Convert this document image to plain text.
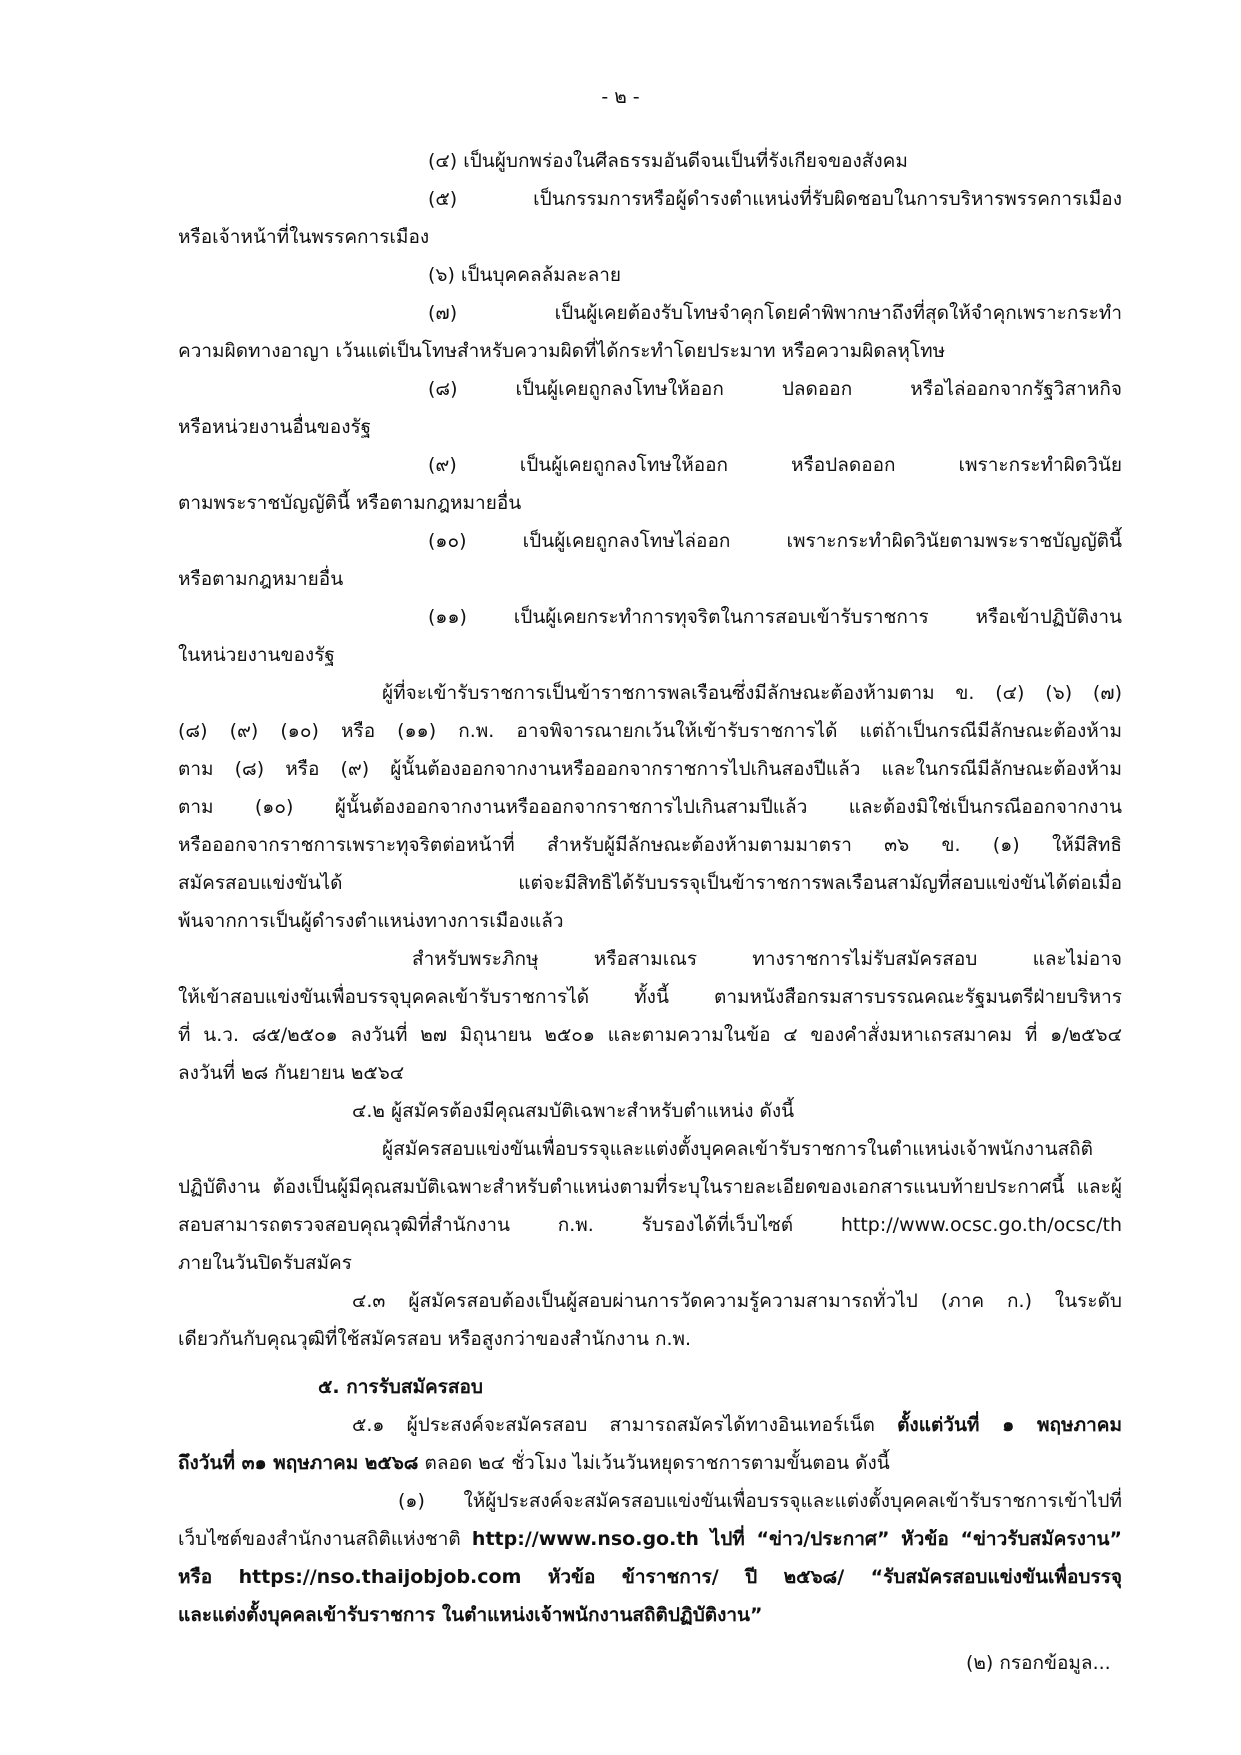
- ๒ -
(๔) เป็นผู้บกพร่องในศีลธรรมอันดีจนเป็นที่รังเกียจของสังคม
(๕) เป็นกรรมการหรือผู้ดำรงตำแหน่งที่รับผิดชอบในการบริหารพรรคการเมือง
หรือเจ้าหน้าที่ในพรรคการเมือง
(๖) เป็นบุคคลล้มละลาย
(๗) เป็นผู้เคยต้องรับโทษจำคุกโดยคำพิพากษาถึงที่สุดให้จำคุกเพราะกระทำ
ความผิดทางอาญา เว้นแต่เป็นโทษสำหรับความผิดที่ได้กระทำโดยประมาท หรือความผิดลหุโทษ
(๘) เป็นผู้เคยถูกลงโทษให้ออก ปลดออก หรือไล่ออกจากรัฐวิสาหกิจ
หรือหน่วยงานอื่นของรัฐ
(๙) เป็นผู้เคยถูกลงโทษให้ออก หรือปลดออก เพราะกระทำผิดวินัย
ตามพระราชบัญญัตินี้ หรือตามกฎหมายอื่น
(๑๐) เป็นผู้เคยถูกลงโทษไล่ออก เพราะกระทำผิดวินัยตามพระราชบัญญัตินี้
หรือตามกฎหมายอื่น
(๑๑) เป็นผู้เคยกระทำการทุจริตในการสอบเข้ารับราชการ หรือเข้าปฏิบัติงาน
ในหน่วยงานของรัฐ
ผู้ที่จะเข้ารับราชการเป็นข้าราชการพลเรือนซึ่งมีลักษณะต้องห้ามตาม ข. (๔) (๖) (๗)
(๘) (๙) (๑๐) หรือ (๑๑) ก.พ. อาจพิจารณายกเว้นให้เข้ารับราชการได้ แต่ถ้าเป็นกรณีมีลักษณะต้องห้าม
ตาม (๘) หรือ (๙) ผู้นั้นต้องออกจากงานหรือออกจากราชการไปเกินสองปีแล้ว และในกรณีมีลักษณะต้องห้าม
ตาม (๑๐) ผู้นั้นต้องออกจากงานหรือออกจากราชการไปเกินสามปีแล้ว และต้องมิใช่เป็นกรณีออกจากงาน
หรือออกจากราชการเพราะทุจริตต่อหน้าที่ สำหรับผู้มีลักษณะต้องห้ามตามมาตรา ๓๖ ข. (๑) ให้มีสิทธิ
สมัครสอบแข่งขันได้ แต่จะมีสิทธิได้รับบรรจุเป็นข้าราชการพลเรือนสามัญที่สอบแข่งขันได้ต่อเมื่อ
พ้นจากการเป็นผู้ดำรงตำแหน่งทางการเมืองแล้ว
สำหรับพระภิกษุ หรือสามเณร ทางราชการไม่รับสมัครสอบ และไม่อาจ
ให้เข้าสอบแข่งขันเพื่อบรรจุบุคคลเข้ารับราชการได้ ทั้งนี้ ตามหนังสือกรมสารบรรณคณะรัฐมนตรีฝ่ายบริหาร
ที่ น.ว. ๘๕/๒๕๐๑ ลงวันที่ ๒๗ มิถุนายน ๒๕๐๑ และตามความในข้อ ๔ ของคำสั่งมหาเถรสมาคม ที่ ๑/๒๕๖๔
ลงวันที่ ๒๘ กันยายน ๒๕๖๔
๔.๒ ผู้สมัครต้องมีคุณสมบัติเฉพาะสำหรับตำแหน่ง ดังนี้
ผู้สมัครสอบแข่งขันเพื่อบรรจุและแต่งตั้งบุคคลเข้ารับราชการในตำแหน่งเจ้าพนักงานสถิติ
ปฏิบัติงาน ต้องเป็นผู้มีคุณสมบัติเฉพาะสำหรับตำแหน่งตามที่ระบุในรายละเอียดของเอกสารแนบท้ายประกาศนี้ และผู้
สอบสามารถตรวจสอบคุณวุฒิที่สำนักงาน ก.พ. รับรองได้ที่เว็บไซต์ http://www.ocsc.go.th/ocsc/th
ภายในวันปิดรับสมัคร
๔.๓ ผู้สมัครสอบต้องเป็นผู้สอบผ่านการวัดความรู้ความสามารถทั่วไป (ภาค ก.) ในระดับ
เดียวกันกับคุณวุฒิที่ใช้สมัครสอบ หรือสูงกว่าของสำนักงาน ก.พ.
๕. การรับสมัครสอบ
๕.๑ ผู้ประสงค์จะสมัครสอบ สามารถสมัครได้ทางอินเทอร์เน็ต ตั้งแต่วันที่ ๑ พฤษภาคม
ถึงวันที่ ๓๑ พฤษภาคม ๒๕๖๘ ตลอด ๒๔ ชั่วโมง ไม่เว้นวันหยุดราชการตามขั้นตอน ดังนี้
(๑) ให้ผู้ประสงค์จะสมัครสอบแข่งขันเพื่อบรรจุและแต่งตั้งบุคคลเข้ารับราชการเข้าไปที่
เว็บไซต์ของสำนักงานสถิติแห่งชาติ http://www.nso.go.th ไปที่ “ข่าว/ประกาศ” หัวข้อ “ข่าวรับสมัครงาน”
หรือ https://nso.thaijobjob.com หัวข้อ ข้าราชการ/ ปี ๒๕๖๘/ “รับสมัครสอบแข่งขันเพื่อบรรจุ
และแต่งตั้งบุคคลเข้ารับราชการ ในตำแหน่งเจ้าพนักงานสถิติปฏิบัติงาน”
(๒) กรอกข้อมูล...
